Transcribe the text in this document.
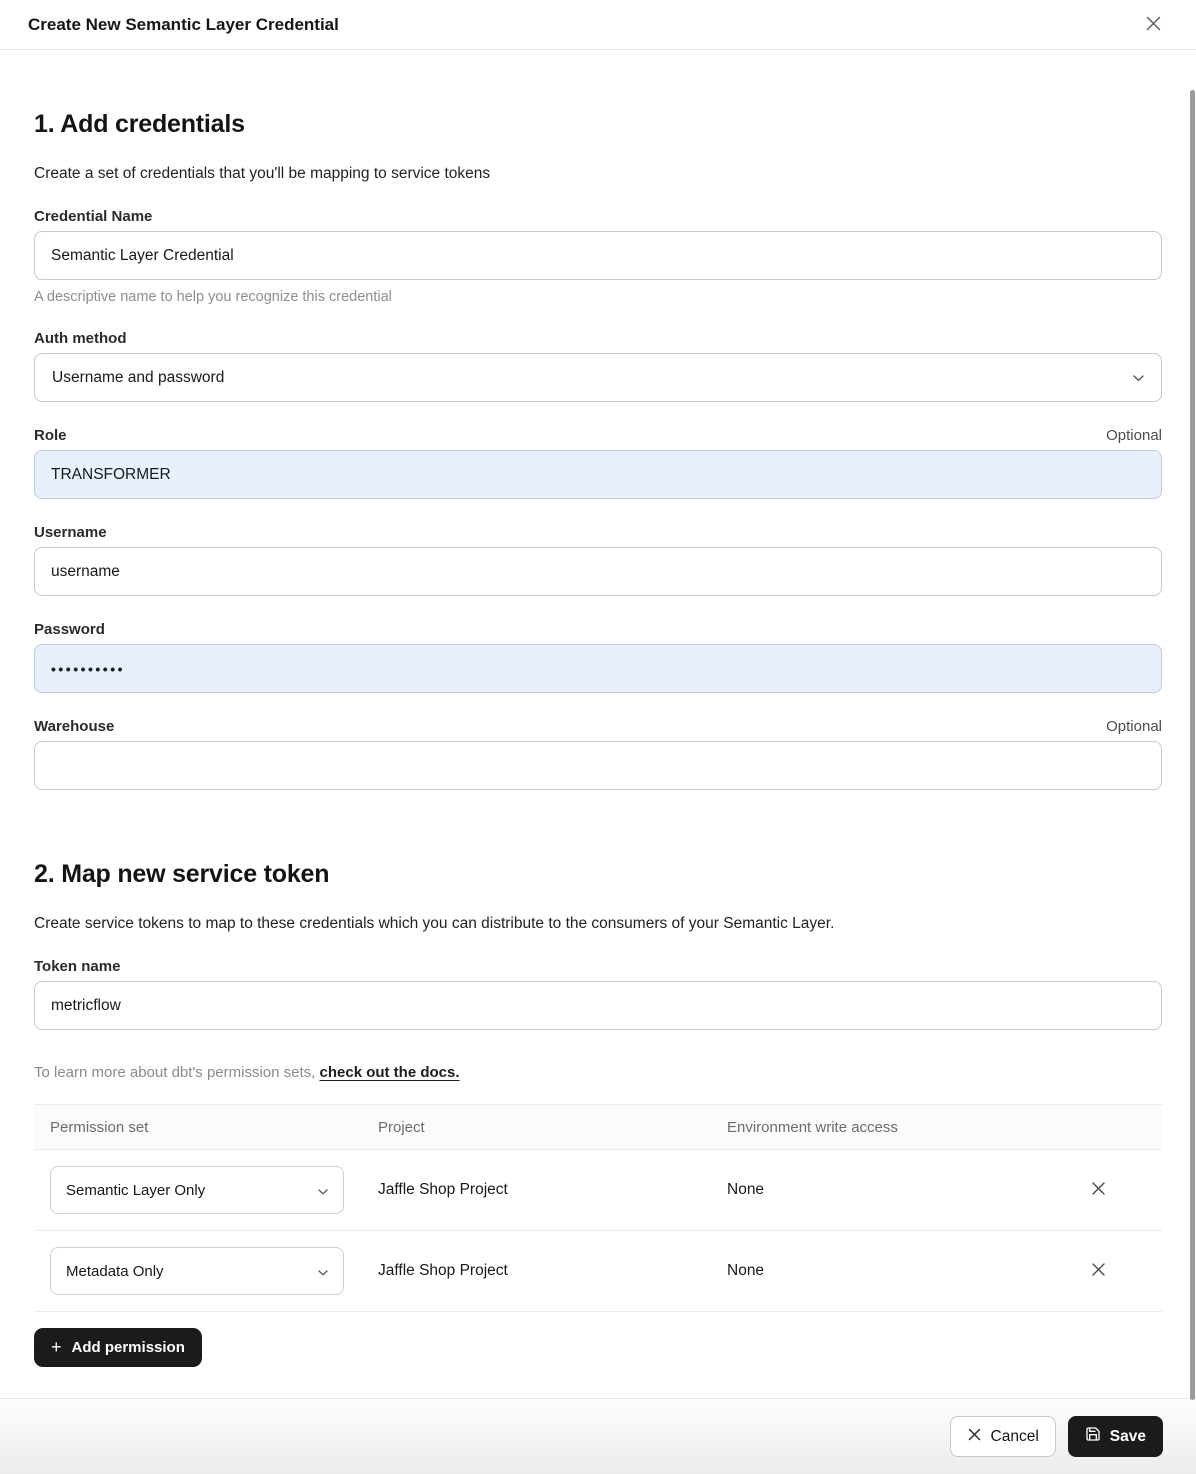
Create New Semantic Layer Credential
1. Add credentials
Create a set of credentials that you'll be mapping to service tokens
Credential Name
Semantic Layer Credential
A descriptive name to help you recognize this credential
Auth method
Username and password
Role	Optional
TRANSFORMER
Username
username
Password
••••••••••
Warehouse	Optional
2. Map new service token
Create service tokens to map to these credentials which you can distribute to the consumers of your Semantic Layer.
Token name
metricflow
To learn more about dbt's permission sets, check out the docs.
Permission set	Project	Environment write access
Semantic Layer Only	Jaffle Shop Project	None
Metadata Only	Jaffle Shop Project	None
+ Add permission
Cancel	Save
